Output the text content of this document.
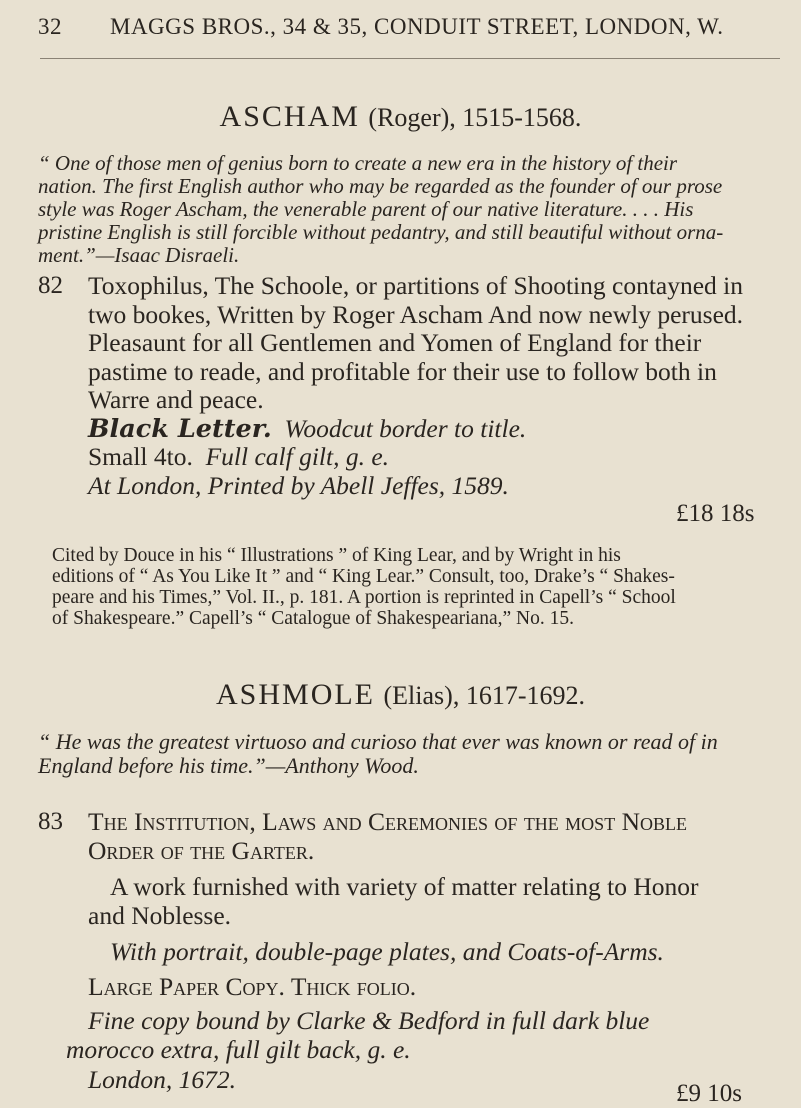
32 MAGGS BROS., 34 & 35, CONDUIT STREET, LONDON, W.
ASCHAM (Roger), 1515-1568.
“ One of those men of genius born to create a new era in the history of their
nation. The first English author who may be regarded as the founder of our prose
style was Roger Ascham, the venerable parent of our native literature. . . . His
pristine English is still forcible without pedantry, and still beautiful without orna-
ment.”—Isaac Disraeli.
82 Toxophilus, The Schoole, or partitions of Shooting contayned in
two bookes, Written by Roger Ascham And now newly perused.
Pleasaunt for all Gentlemen and Yomen of England for their
pastime to reade, and profitable for their use to follow both in
Warre and peace.
Black Letter. Woodcut border to title.
Small 4to. Full calf gilt, g. e.
At London, Printed by Abell Jeffes, 1589.
£18 18s
Cited by Douce in his “ Illustrations ” of King Lear, and by Wright in his
editions of “ As You Like It ” and “ King Lear.” Consult, too, Drake’s “ Shakes-
peare and his Times,” Vol. II., p. 181. A portion is reprinted in Capell’s “ School
of Shakespeare.” Capell’s “ Catalogue of Shakespeariana,” No. 15.
ASHMOLE (Elias), 1617-1692.
“ He was the greatest virtuoso and curioso that ever was known or read of in
England before his time.”—Anthony Wood.
83 The Institution, Laws and Ceremonies of the most Noble
Order of the Garter.
A work furnished with variety of matter relating to Honor
and Noblesse.
With portrait, double-page plates, and Coats-of-Arms.
Large Paper Copy. Thick folio.
Fine copy bound by Clarke & Bedford in full dark blue
morocco extra, full gilt back, g. e.
London, 1672.	£9 10s
